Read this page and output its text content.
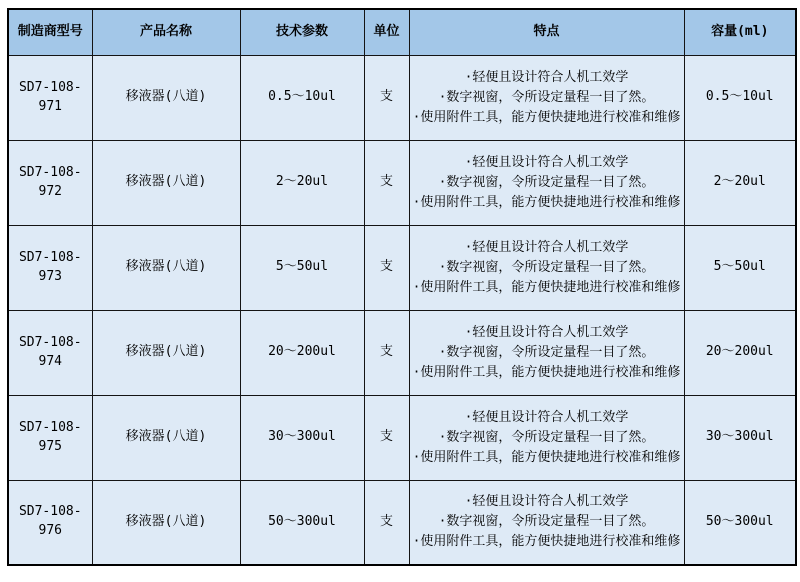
制造商型号	产品名称	技术参数	单位	特点	容量(ml)
SD7-108-971	移液器(八道)	0.5～10ul	支	·轻便且设计符合人机工效学
·数字视窗，令所设定量程一目了然。
·使用附件工具，能方便快捷地进行校准和维修	0.5～10ul
SD7-108-972	移液器(八道)	2～20ul	支	·轻便且设计符合人机工效学
·数字视窗，令所设定量程一目了然。
·使用附件工具，能方便快捷地进行校准和维修	2～20ul
SD7-108-973	移液器(八道)	5～50ul	支	·轻便且设计符合人机工效学
·数字视窗，令所设定量程一目了然。
·使用附件工具，能方便快捷地进行校准和维修	5～50ul
SD7-108-974	移液器(八道)	20～200ul	支	·轻便且设计符合人机工效学
·数字视窗，令所设定量程一目了然。
·使用附件工具，能方便快捷地进行校准和维修	20～200ul
SD7-108-975	移液器(八道)	30～300ul	支	·轻便且设计符合人机工效学
·数字视窗，令所设定量程一目了然。
·使用附件工具，能方便快捷地进行校准和维修	30～300ul
SD7-108-976	移液器(八道)	50～300ul	支	·轻便且设计符合人机工效学
·数字视窗，令所设定量程一目了然。
·使用附件工具，能方便快捷地进行校准和维修	50～300ul
